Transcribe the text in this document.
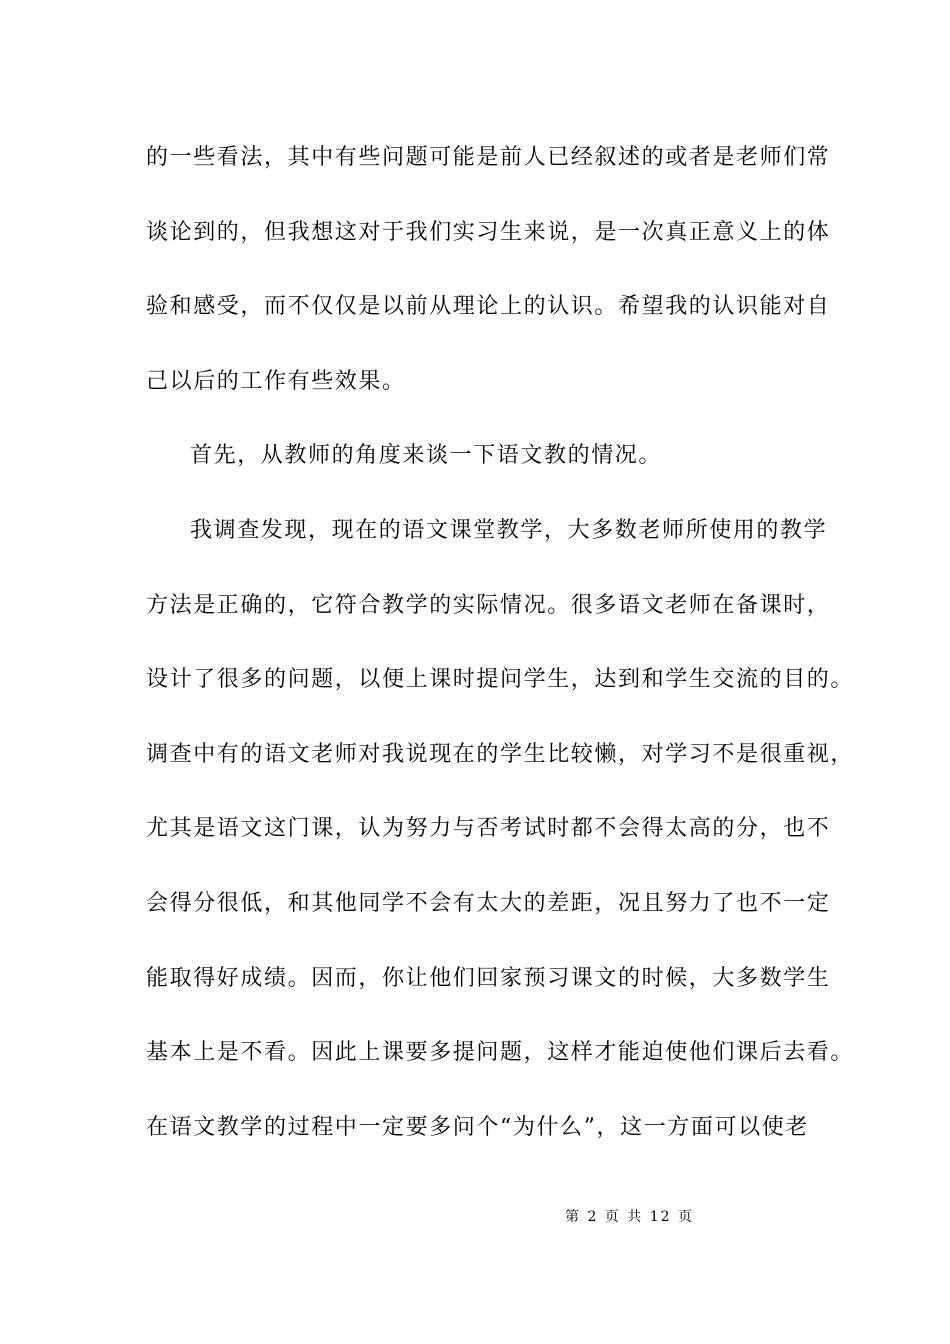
的一些看法，其中有些问题可能是前人已经叙述的或者是老师们常
谈论到的，但我想这对于我们实习生来说，是一次真正意义上的体
验和感受，而不仅仅是以前从理论上的认识。希望我的认识能对自
己以后的工作有些效果。
首先，从教师的角度来谈一下语文教的情况。
我调查发现，现在的语文课堂教学，大多数老师所使用的教学
方法是正确的，它符合教学的实际情况。很多语文老师在备课时，
设计了很多的问题，以便上课时提问学生，达到和学生交流的目的。
调查中有的语文老师对我说现在的学生比较懒，对学习不是很重视，
尤其是语文这门课，认为努力与否考试时都不会得太高的分，也不
会得分很低，和其他同学不会有太大的差距，况且努力了也不一定
能取得好成绩。因而，你让他们回家预习课文的时候，大多数学生
基本上是不看。因此上课要多提问题，这样才能迫使他们课后去看。
在语文教学的过程中一定要多问个“为什么”，这一方面可以使老
第 2 页 共 12 页
